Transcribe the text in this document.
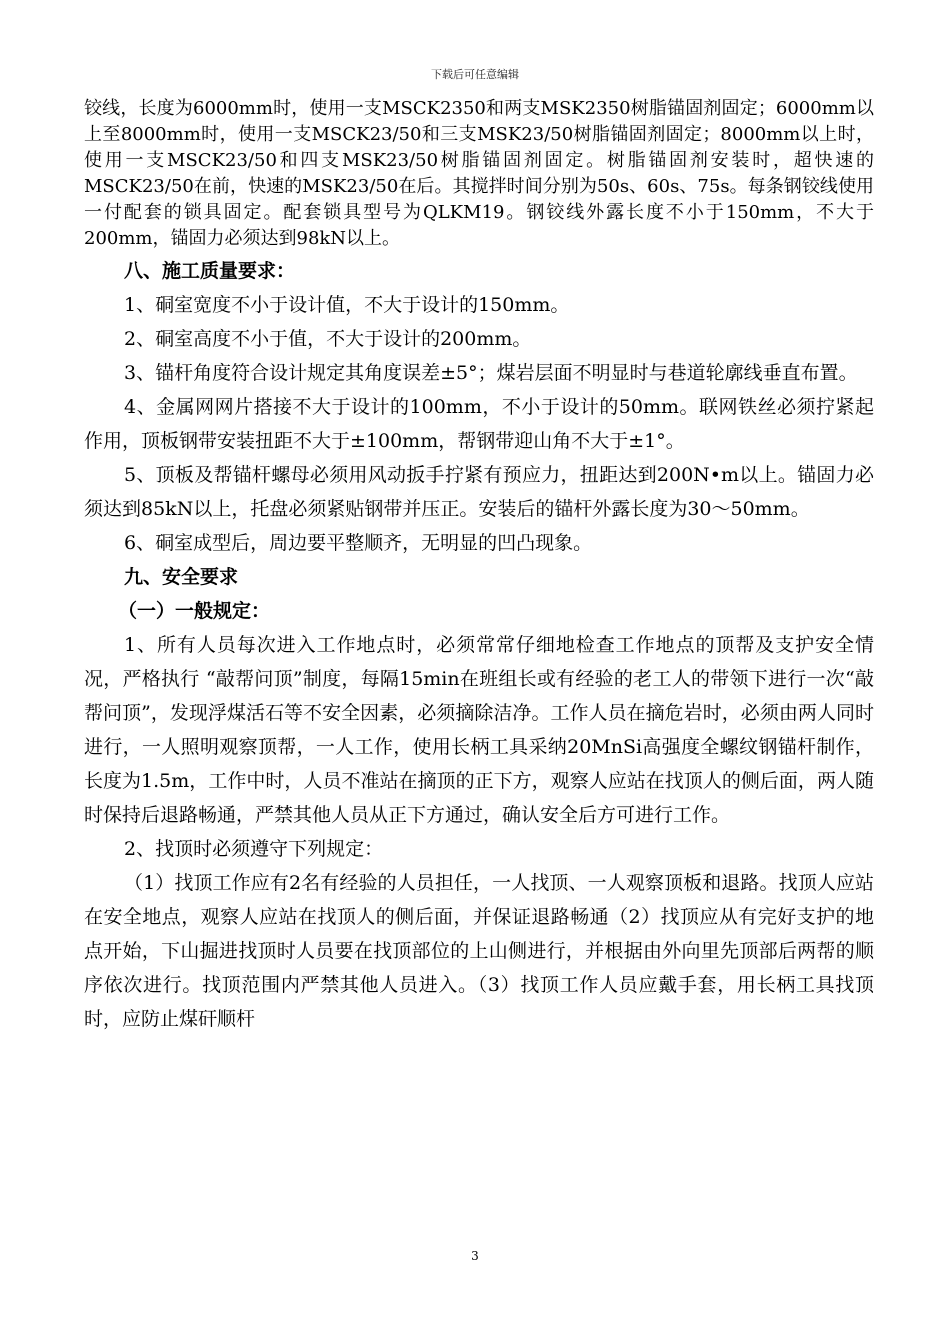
下载后可任意编辑

铰线，长度为6000mm时，使用一支MSCK2350和两支MSK2350树脂锚固剂固定；6000mm以上至8000mm时，使用一支MSCK23/50和三支MSK23/50树脂锚固剂固定；8000mm以上时，使用一支MSCK23/50和四支MSK23/50树脂锚固剂固定。树脂锚固剂安装时，超快速的MSCK23/50在前，快速的MSK23/50在后。其搅拌时间分别为50s、60s、75s。每条钢铰线使用一付配套的锁具固定。配套锁具型号为QLKM19。钢铰线外露长度不小于150mm，不大于200mm，锚固力必须达到98kN以上。

八、施工质量要求：

1、硐室宽度不小于设计值，不大于设计的150mm。

2、硐室高度不小于值，不大于设计的200mm。

3、锚杆角度符合设计规定其角度误差±5°；煤岩层面不明显时与巷道轮廓线垂直布置。

4、金属网网片搭接不大于设计的100mm，不小于设计的50mm。联网铁丝必须拧紧起作用，顶板钢带安装扭距不大于±100mm，帮钢带迎山角不大于±1°。

5、顶板及帮锚杆螺母必须用风动扳手拧紧有预应力，扭距达到200N•m以上。锚固力必须达到85kN以上，托盘必须紧贴钢带并压正。安装后的锚杆外露长度为30～50mm。

6、硐室成型后，周边要平整顺齐，无明显的凹凸现象。

九、安全要求

（一）一般规定：

1、所有人员每次进入工作地点时，必须常常仔细地检查工作地点的顶帮及支护安全情况，严格执行 “敲帮问顶”制度，每隔15min在班组长或有经验的老工人的带领下进行一次“敲帮问顶”，发现浮煤活石等不安全因素，必须摘除洁净。工作人员在摘危岩时，必须由两人同时进行，一人照明观察顶帮，一人工作，使用长柄工具采纳20MnSi高强度全螺纹钢锚杆制作，长度为1.5m，工作中时，人员不准站在摘顶的正下方，观察人应站在找顶人的侧后面，两人随时保持后退路畅通，严禁其他人员从正下方通过，确认安全后方可进行工作。

2、找顶时必须遵守下列规定：

（1）找顶工作应有2名有经验的人员担任，一人找顶、一人观察顶板和退路。找顶人应站在安全地点，观察人应站在找顶人的侧后面，并保证退路畅通（2）找顶应从有完好支护的地点开始，下山掘进找顶时人员要在找顶部位的上山侧进行，并根据由外向里先顶部后两帮的顺序依次进行。找顶范围内严禁其他人员进入。（3）找顶工作人员应戴手套，用长柄工具找顶时，应防止煤矸顺杆

3
